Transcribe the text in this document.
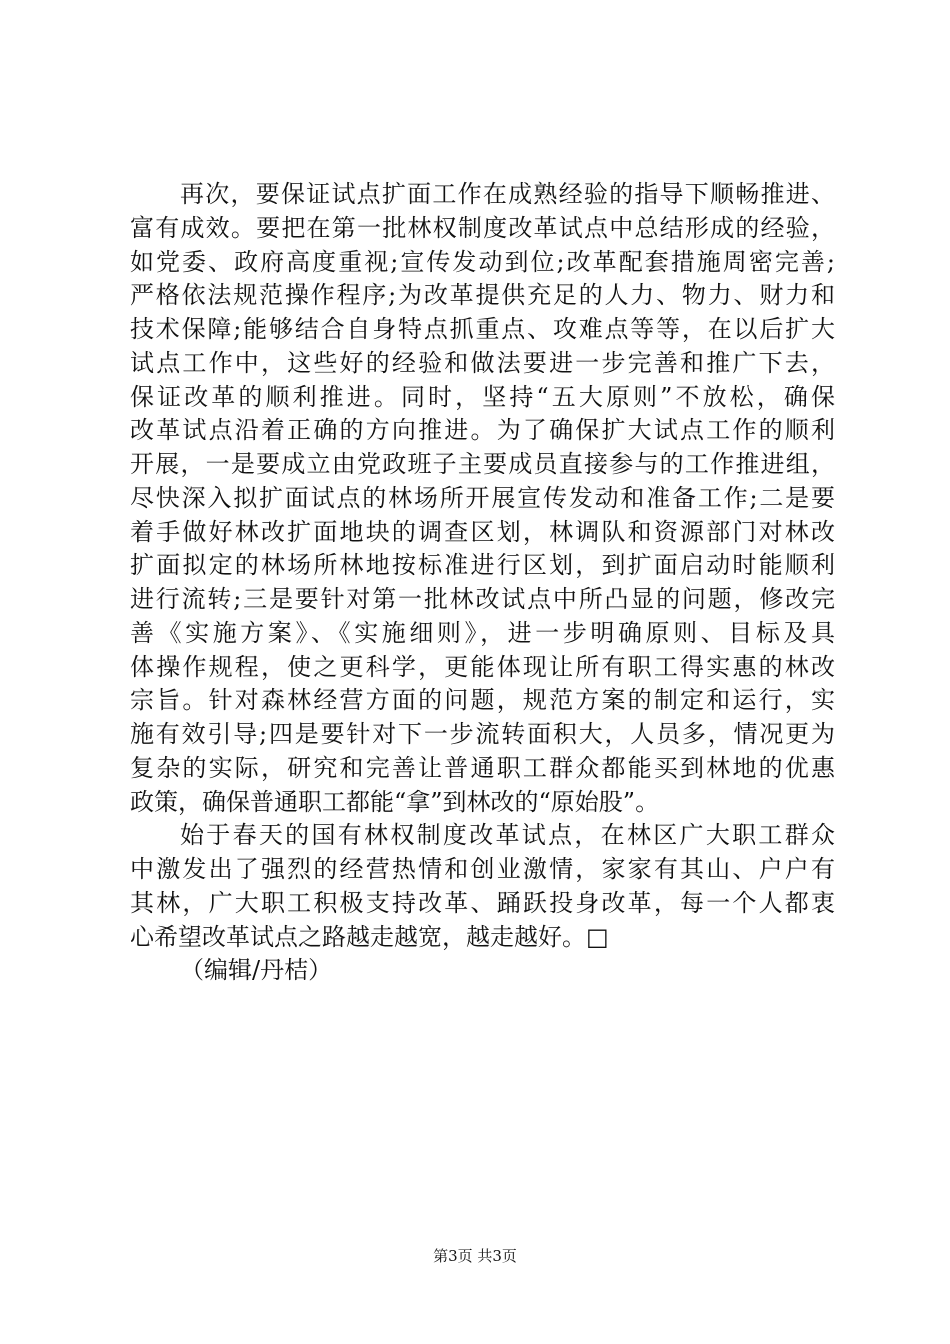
再次，要保证试点扩面工作在成熟经验的指导下顺畅推进、
富有成效。要把在第一批林权制度改革试点中总结形成的经验，
如党委、政府高度重视;宣传发动到位;改革配套措施周密完善;
严格依法规范操作程序;为改革提供充足的人力、物力、财力和
技术保障;能够结合自身特点抓重点、攻难点等等，在以后扩大
试点工作中，这些好的经验和做法要进一步完善和推广下去，
保证改革的顺利推进。同时，坚持“五大原则”不放松，确保
改革试点沿着正确的方向推进。为了确保扩大试点工作的顺利
开展，一是要成立由党政班子主要成员直接参与的工作推进组，
尽快深入拟扩面试点的林场所开展宣传发动和准备工作;二是要
着手做好林改扩面地块的调查区划，林调队和资源部门对林改
扩面拟定的林场所林地按标准进行区划，到扩面启动时能顺利
进行流转;三是要针对第一批林改试点中所凸显的问题，修改完
善《实施方案》、《实施细则》，进一步明确原则、目标及具
体操作规程，使之更科学，更能体现让所有职工得实惠的林改
宗旨。针对森林经营方面的问题，规范方案的制定和运行，实
施有效引导;四是要针对下一步流转面积大，人员多，情况更为
复杂的实际，研究和完善让普通职工群众都能买到林地的优惠
政策，确保普通职工都能“拿”到林改的“原始股”。
始于春天的国有林权制度改革试点，在林区广大职工群众
中激发出了强烈的经营热情和创业激情，家家有其山、户户有
其林，广大职工积极支持改革、踊跃投身改革，每一个人都衷
心希望改革试点之路越走越宽，越走越好。□
（编辑/丹桔）
第3页 共3页
